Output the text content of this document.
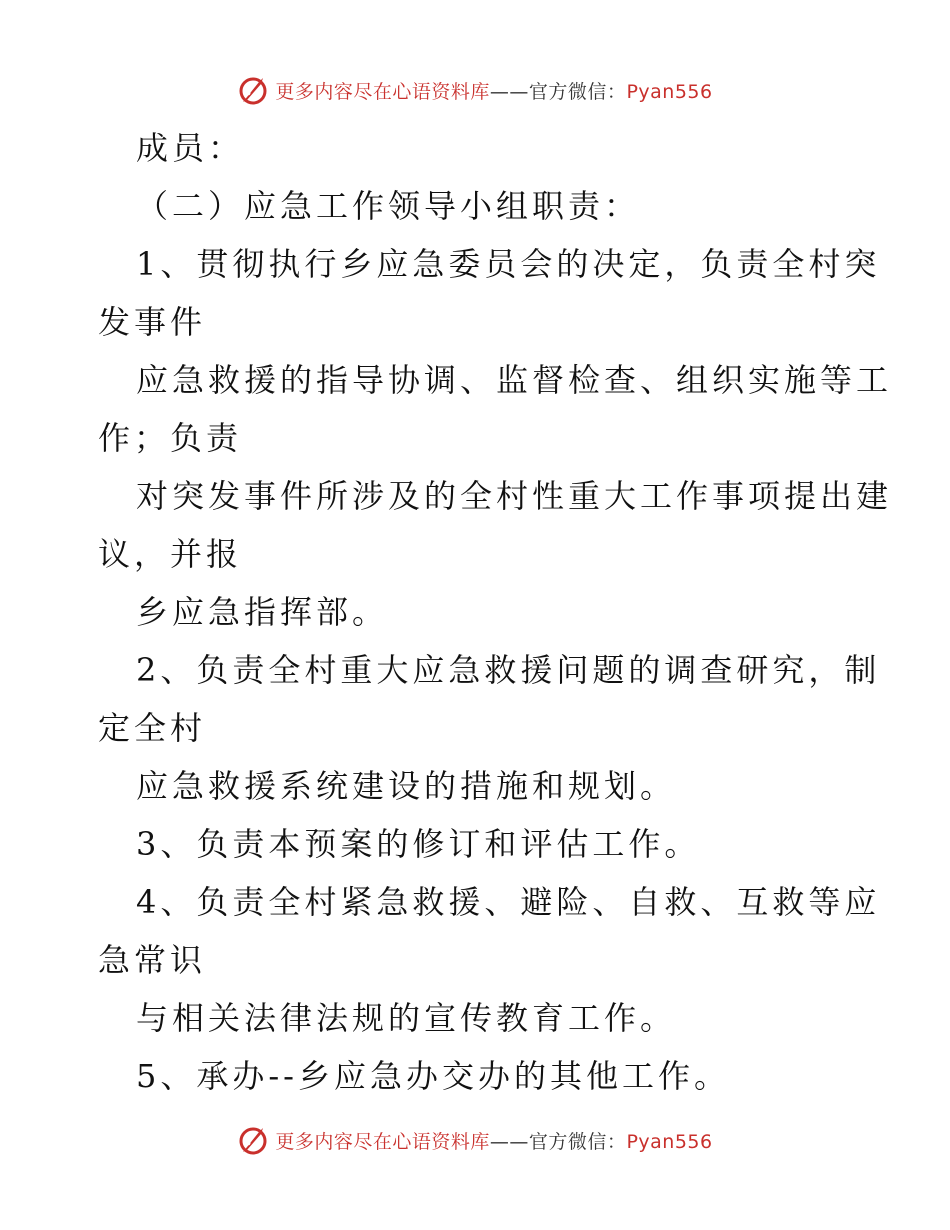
更多内容尽在心语资料库——官方微信：Pyan556
成员：
（二）应急工作领导小组职责：
1、贯彻执行乡应急委员会的决定，负责全村突
发事件
应急救援的指导协调、监督检查、组织实施等工
作；负责
对突发事件所涉及的全村性重大工作事项提出建
议，并报
乡应急指挥部。
2、负责全村重大应急救援问题的调查研究，制
定全村
应急救援系统建设的措施和规划。
3、负责本预案的修订和评估工作。
4、负责全村紧急救援、避险、自救、互救等应
急常识
与相关法律法规的宣传教育工作。
5、承办--乡应急办交办的其他工作。
更多内容尽在心语资料库——官方微信：Pyan556
